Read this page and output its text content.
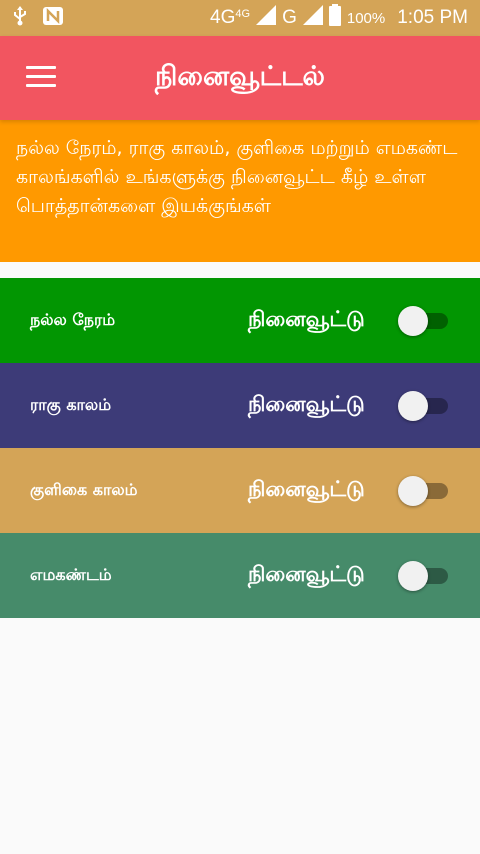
4G 4G G	100% 1:05 PM
நினைவூட்டல்
நல்ல நேரம், ராகு காலம், குளிகை மற்றும் எமகண்ட காலங்களில் உங்களுக்கு நினைவூட்ட கீழ் உள்ள பொத்தான்களை இயக்குங்கள்
நல்ல நேரம்	நினைவூட்டு
ராகு காலம்	நினைவூட்டு
குளிகை காலம்	நினைவூட்டு
எமகண்டம்	நினைவூட்டு
